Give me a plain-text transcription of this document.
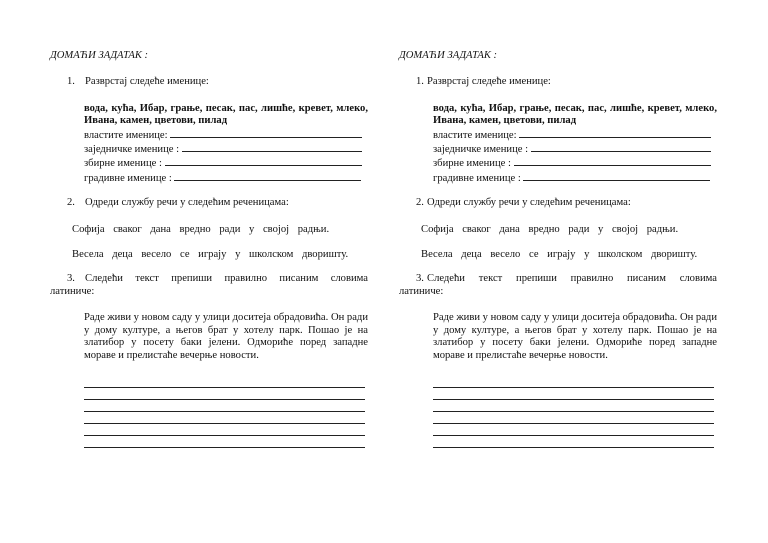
ДОМАЋИ ЗАДАТАК :
1. Разврстај следеће именице:
вода, кућа, Ибар, грање, песак, пас, лишће, кревет, млеко, Ивана, камен, цветови, пилад
властите именице:
заједничке именице :
збирне именице :
градивне именице :
2. Одреди службу речи у следећим реченицама:
Софија сваког дана вредно ради у својој радњи.
Весела деца весело се играју у школском дворишту.
3. Следећи текст препиши правилно писаним словима
латиниче:
Раде живи у новом саду у улици доситеја обрадовића. Он ради у дому културе, а његов брат у хотелу парк. Пошао је на златибор у посету баки јелени. Одмориће поред западне мораве и прелистаће вечерње новости.
ДОМАЋИ ЗАДАТАК :
1. Разврстај следеће именице:
вода, кућа, Ибар, грање, песак, пас, лишће, кревет, млеко, Ивана, камен, цветови, пилад
властите именице:
заједничке именице :
збирне именице :
градивне именице :
2. Одреди службу речи у следећим реченицама:
Софија сваког дана вредно ради у својој радњи.
Весела деца весело се играју у школском дворишту.
3. Следећи текст препиши правилно писаним словима
латиниче:
Раде живи у новом саду у улици доситеја обрадовића. Он ради у дому културе, а његов брат у хотелу парк. Пошао је на златибор у посету баки јелени. Одмориће поред западне мораве и прелистаће вечерње новости.
